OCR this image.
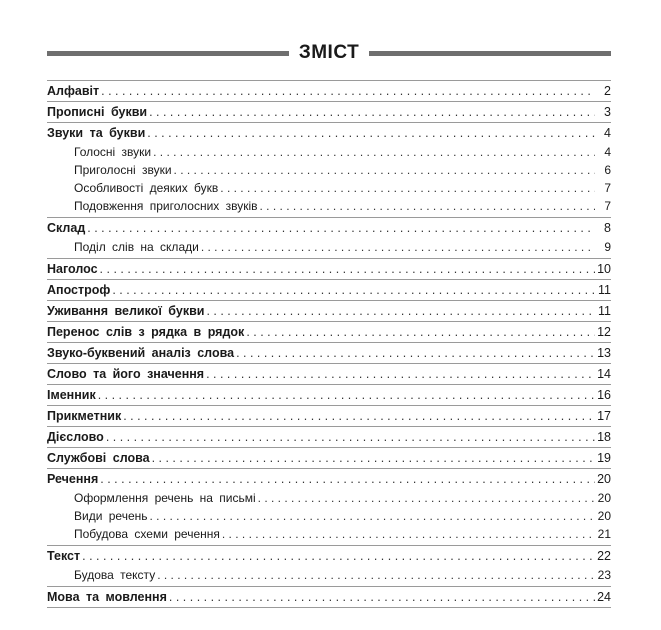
ЗМІСТ
Алфавіт . . .	2
Прописні букви . . .	3
Звуки та букви . . .	4
Голосні звуки . . .	4
Приголосні звуки . . .	6
Особливості деяких букв . . .	7
Подовження приголосних звуків . . .	7
Склад . . .	8
Поділ слів на склади . . .	9
Наголос . . .	10
Апостроф . . .	11
Уживання великої букви . . .	11
Перенос слів з рядка в рядок . . .	12
Звуко-буквений аналіз слова . . .	13
Слово та його значення . . .	14
Іменник . . .	16
Прикметник . . .	17
Дієслово . . .	18
Службові слова . . .	19
Речення . . .	20
Оформлення речень на письмі . . .	20
Види речень . . .	20
Побудова схеми речення . . .	21
Текст . . .	22
Будова тексту . . .	23
Мова та мовлення . . .	24
